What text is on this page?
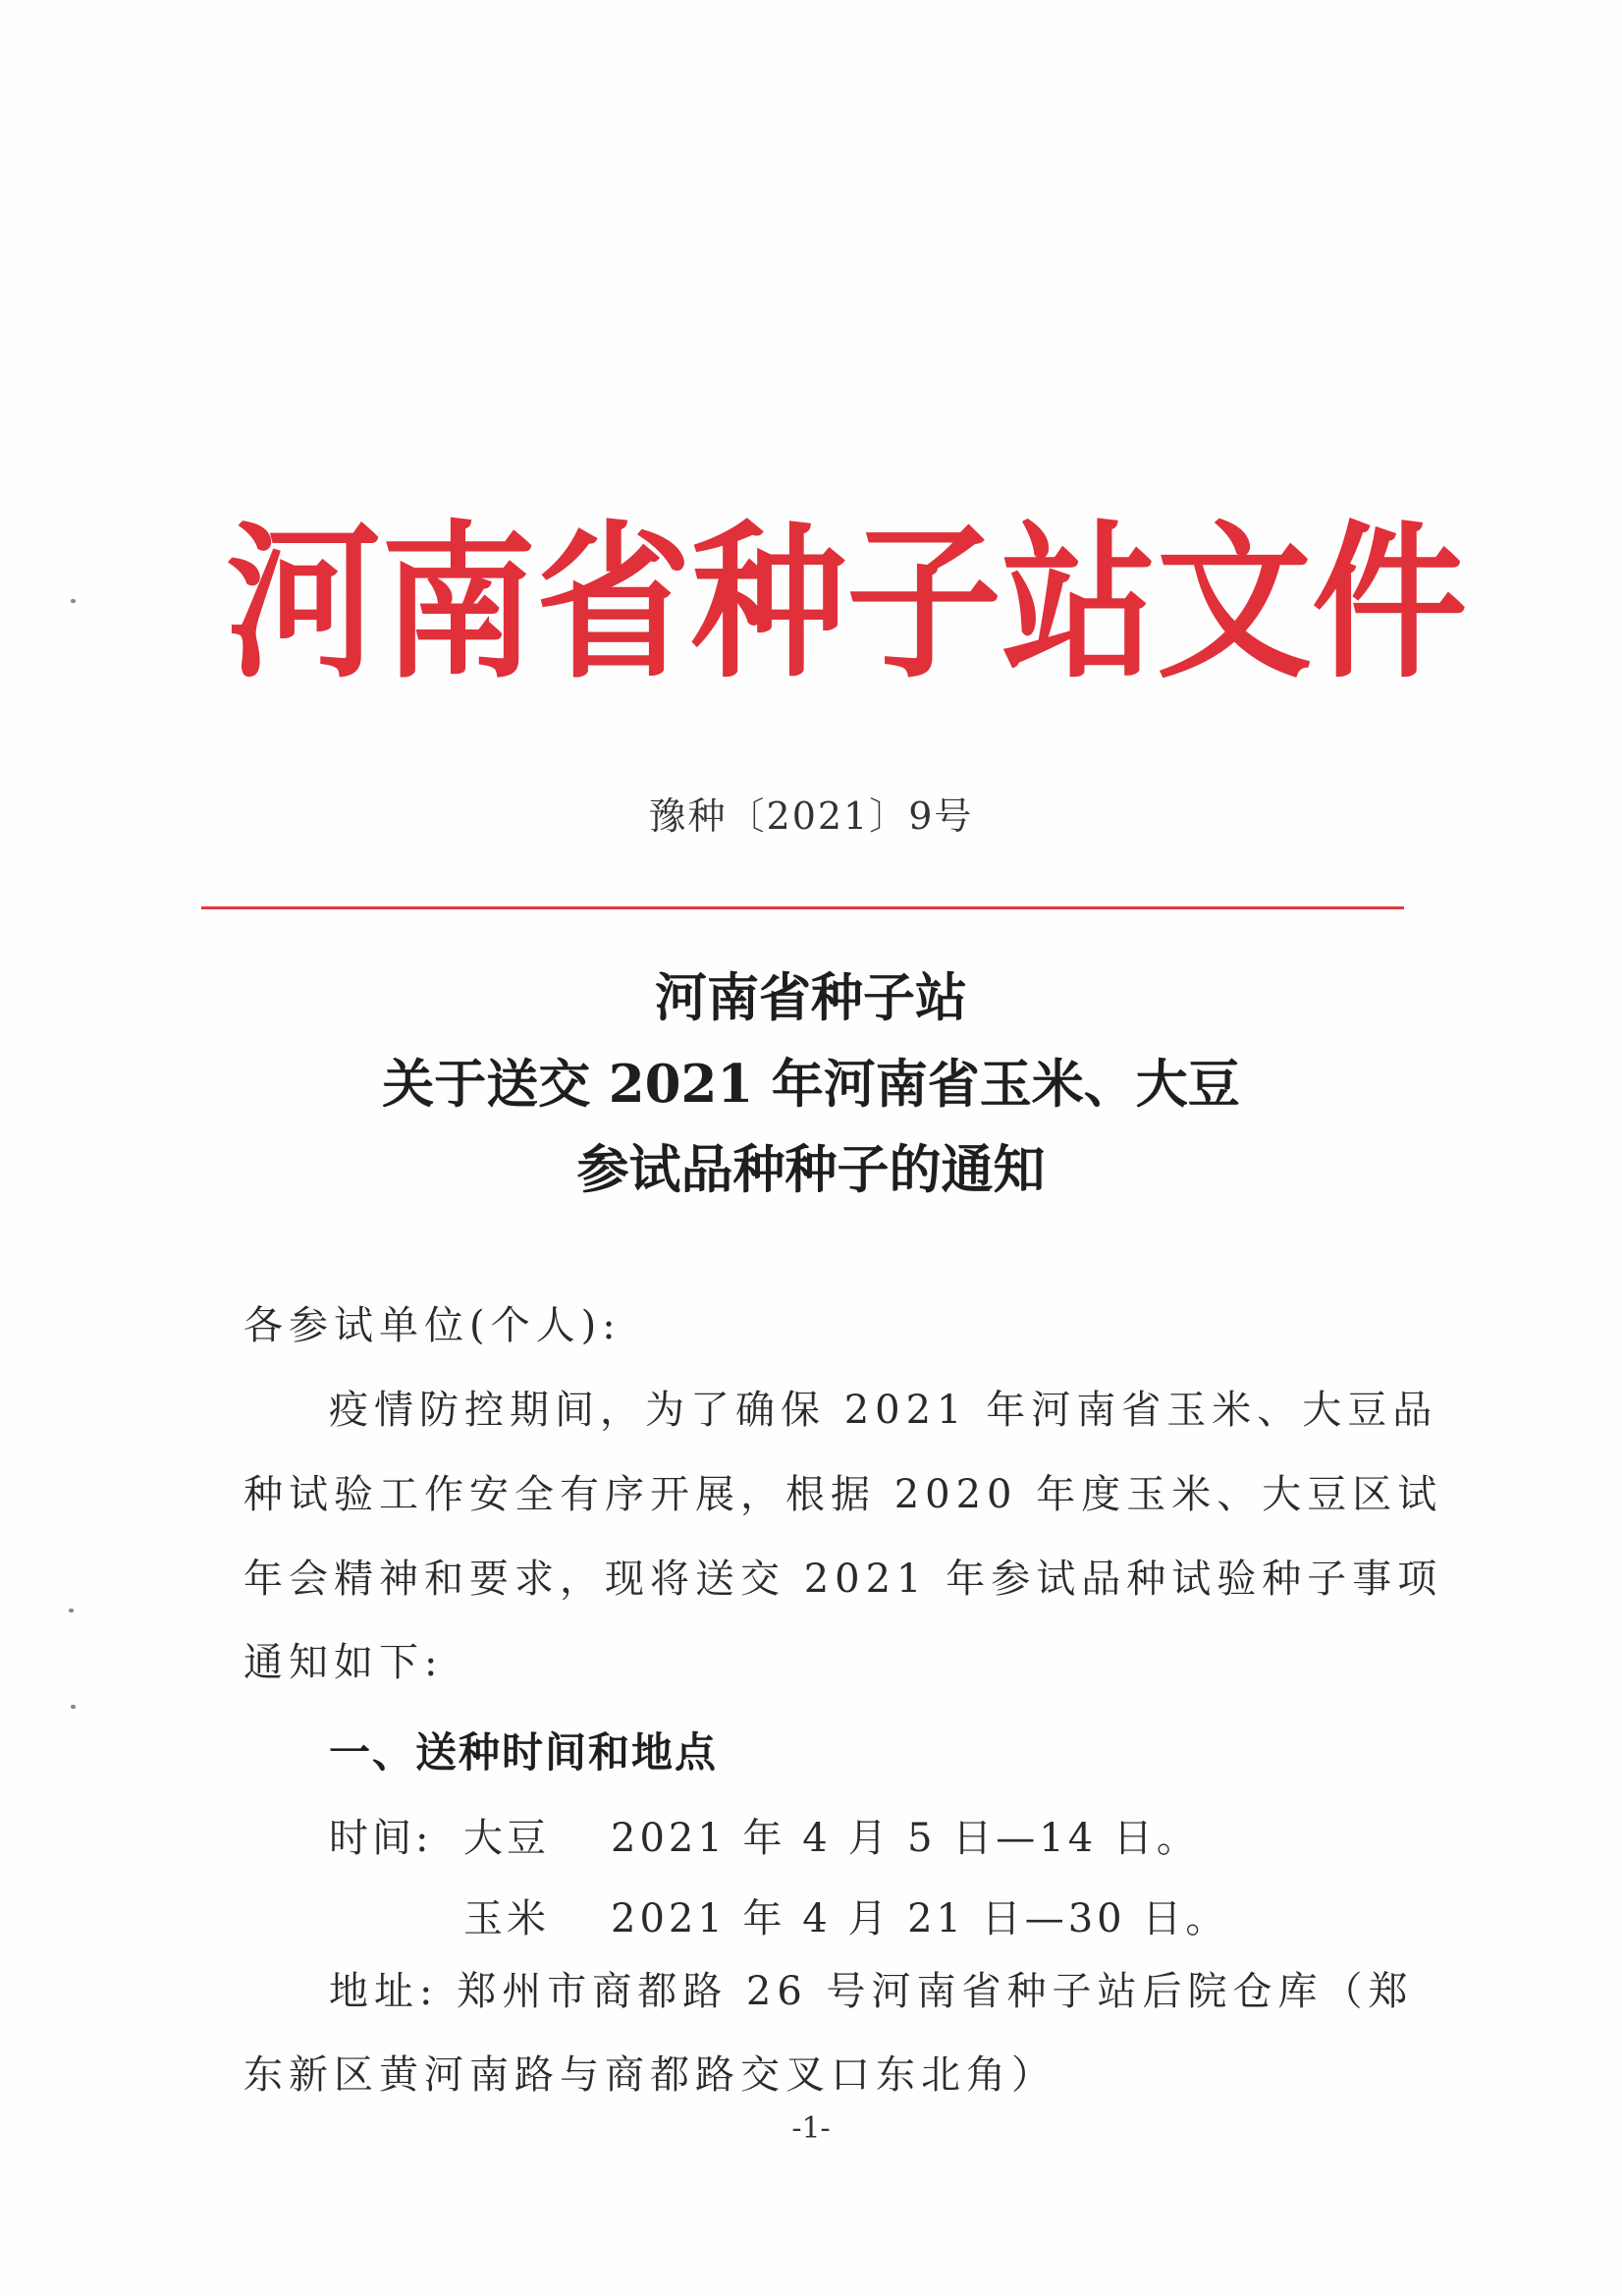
河 南 省 种 子 站 文 件
豫种〔2021〕9号
河南省种子站
关于送交 2021 年河南省玉米、大豆
参试品种种子的通知
各参试单位(个人):
疫情防控期间，为了确保 2021 年河南省玉米、大豆品
种试验工作安全有序开展，根据 2020 年度玉米、大豆区试
年会精神和要求，现将送交 2021 年参试品种试验种子事项
通知如下:
一、送种时间和地点
时间: 大豆 2021 年 4 月 5 日—14 日。
玉米 2021 年 4 月 21 日—30 日。
地址: 郑州市商都路 26 号河南省种子站后院仓库（郑
东新区黄河南路与商都路交叉口东北角）
-1-
